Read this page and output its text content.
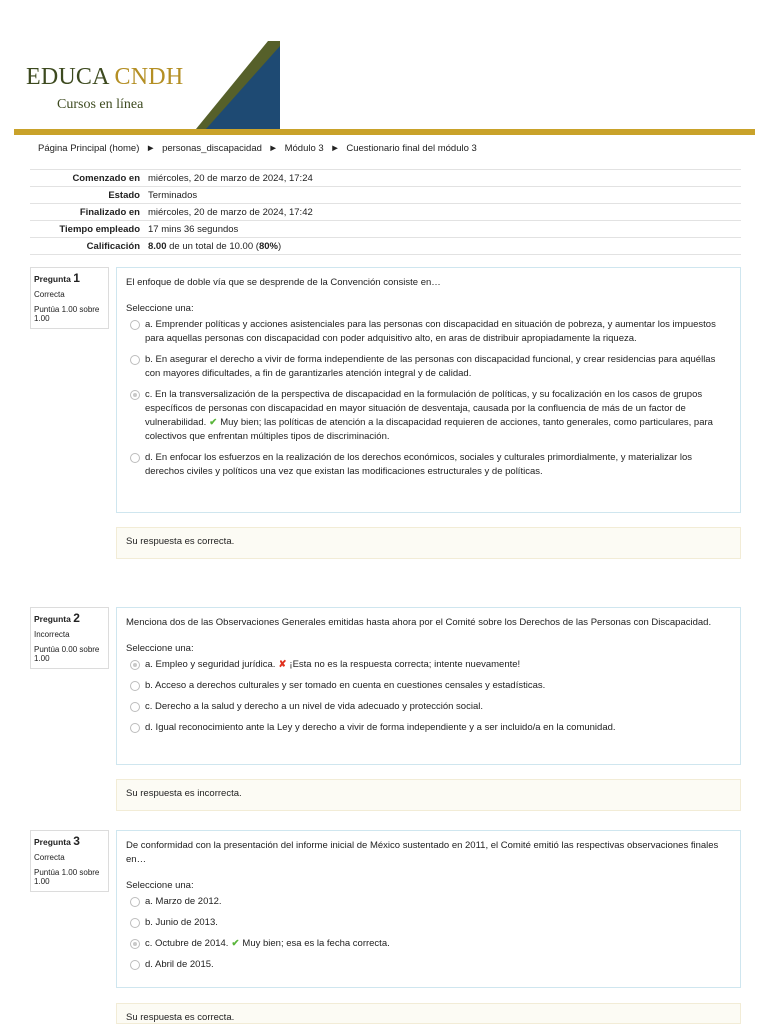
EDUCA CNDH
Cursos en línea
Página Principal (home) ► personas_discapacidad ► Módulo 3 ► Cuestionario final del módulo 3
Comenzado en	miércoles, 20 de marzo de 2024, 17:24
Estado	Terminados
Finalizado en	miércoles, 20 de marzo de 2024, 17:42
Tiempo empleado	17 mins 36 segundos
Calificación	8.00 de un total de 10.00 (80%)
Pregunta 1
Correcta
Puntúa 1.00 sobre 1.00
El enfoque de doble vía que se desprende de la Convención consiste en…
Seleccione una:
a. Emprender políticas y acciones asistenciales para las personas con discapacidad en situación de pobreza, y aumentar los impuestos para aquellas personas con discapacidad con poder adquisitivo alto, en aras de distribuir apropiadamente la riqueza.
b. En asegurar el derecho a vivir de forma independiente de las personas con discapacidad funcional, y crear residencias para aquéllas con mayores dificultades, a fin de garantizarles atención integral y de calidad.
c. En la transversalización de la perspectiva de discapacidad en la formulación de políticas, y su focalización en los casos de grupos específicos de personas con discapacidad en mayor situación de desventaja, causada por la confluencia de más de un factor de vulnerabilidad. ✔ Muy bien; las políticas de atención a la discapacidad requieren de acciones, tanto generales, como particulares, para colectivos que enfrentan múltiples tipos de discriminación.
d. En enfocar los esfuerzos en la realización de los derechos económicos, sociales y culturales primordialmente, y materializar los derechos civiles y políticos una vez que existan las modificaciones estructurales y de políticas.
Su respuesta es correcta.
Pregunta 2
Incorrecta
Puntúa 0.00 sobre 1.00
Menciona dos de las Observaciones Generales emitidas hasta ahora por el Comité sobre los Derechos de las Personas con Discapacidad.
Seleccione una:
a. Empleo y seguridad jurídica. ✘ ¡Esta no es la respuesta correcta; intente nuevamente!
b. Acceso a derechos culturales y ser tomado en cuenta en cuestiones censales y estadísticas.
c. Derecho a la salud y derecho a un nivel de vida adecuado y protección social.
d. Igual reconocimiento ante la Ley y derecho a vivir de forma independiente y a ser incluido/a en la comunidad.
Su respuesta es incorrecta.
Pregunta 3
Correcta
Puntúa 1.00 sobre 1.00
De conformidad con la presentación del informe inicial de México sustentado en 2011, el Comité emitió las respectivas observaciones finales en…
Seleccione una:
a. Marzo de 2012.
b. Junio de 2013.
c. Octubre de 2014. ✔ Muy bien; esa es la fecha correcta.
d. Abril de 2015.
Su respuesta es correcta.
